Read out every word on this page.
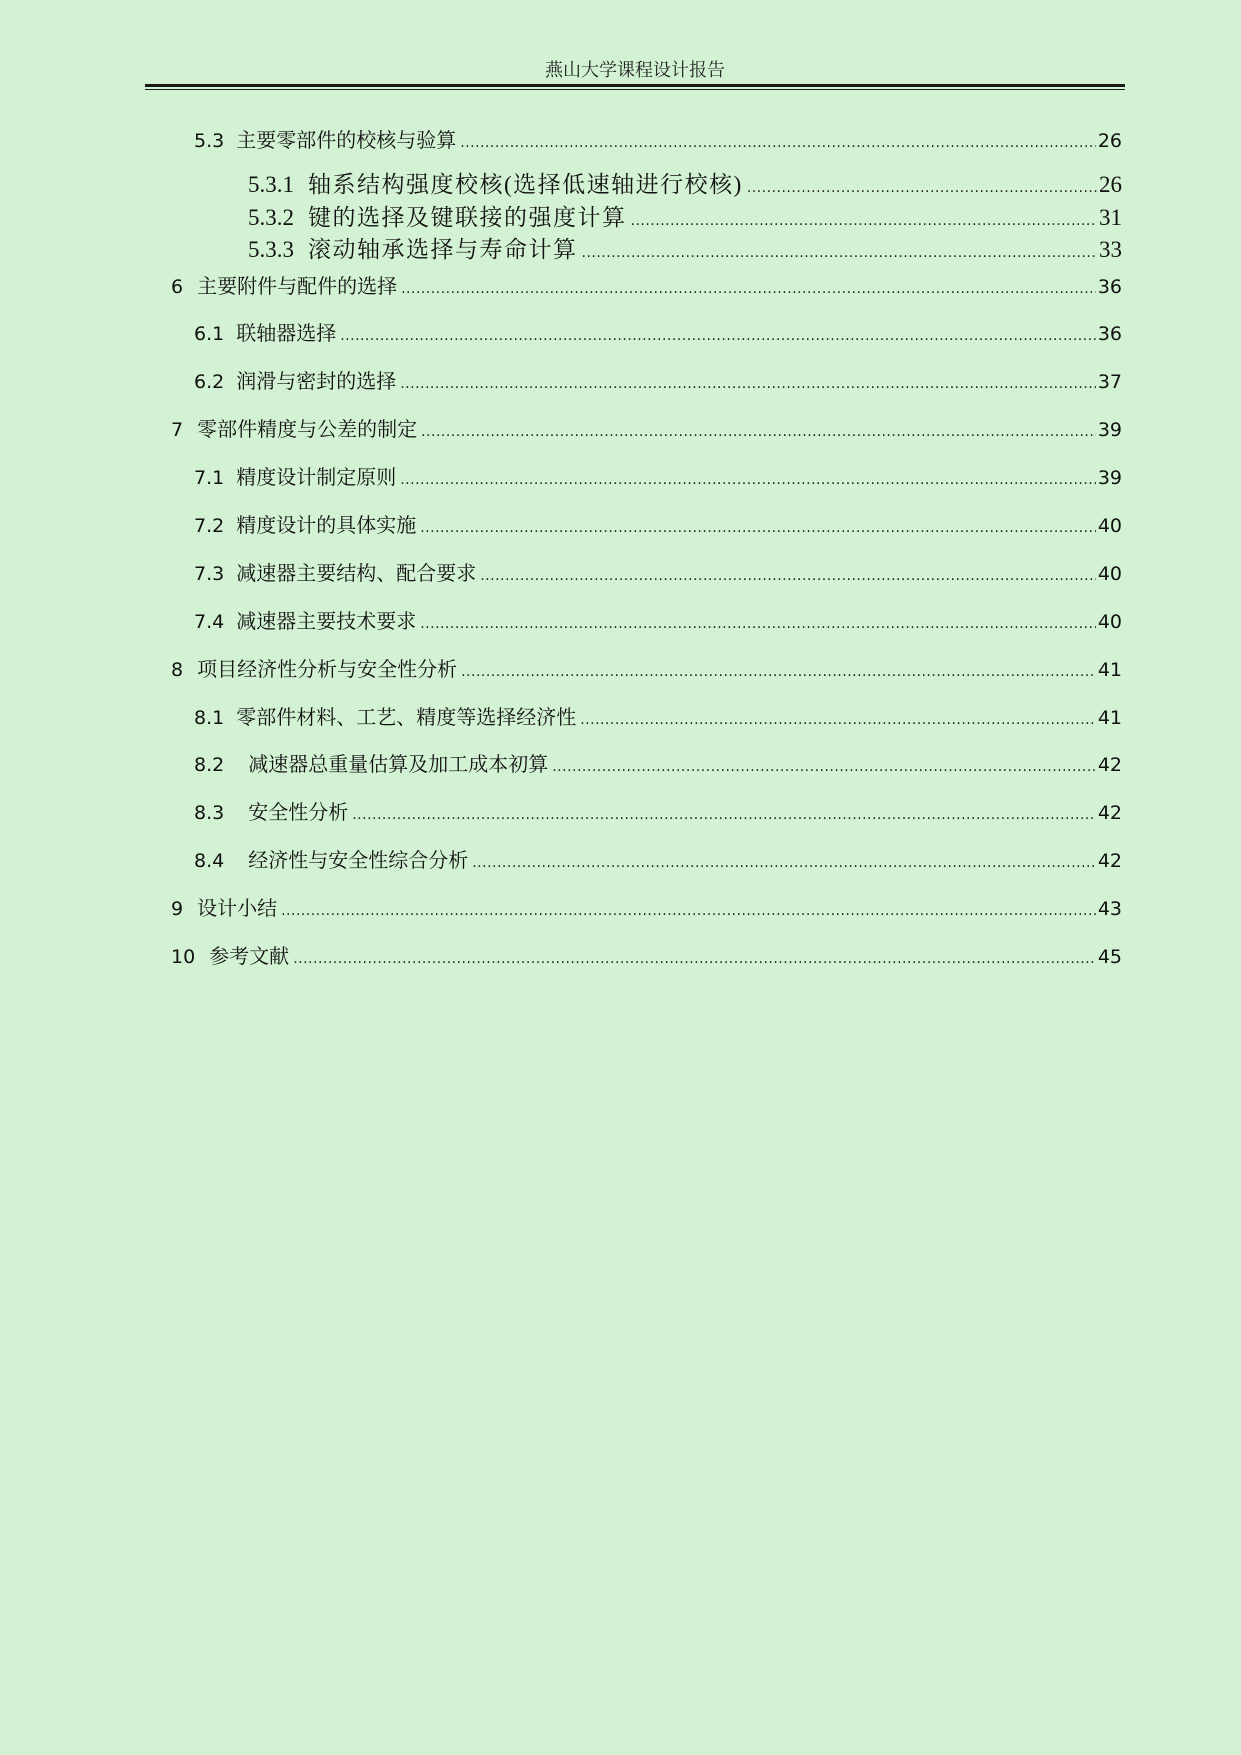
燕山大学课程设计报告
5.3 主要零部件的校核与验算 .....	26
5.3.1 轴系结构强度校核(选择低速轴进行校核) .....	26
5.3.2 键的选择及键联接的强度计算 .....	31
5.3.3 滚动轴承选择与寿命计算 .....	33
6 主要附件与配件的选择 .....	36
6.1 联轴器选择 .....	36
6.2 润滑与密封的选择 .....	37
7 零部件精度与公差的制定 .....	39
7.1 精度设计制定原则 .....	39
7.2 精度设计的具体实施 .....	40
7.3 减速器主要结构、配合要求 .....	40
7.4 减速器主要技术要求 .....	40
8 项目经济性分析与安全性分析 .....	41
8.1 零部件材料、工艺、精度等选择经济性 .....	41
8.2 减速器总重量估算及加工成本初算 .....	42
8.3 安全性分析 .....	42
8.4 经济性与安全性综合分析 .....	42
9 设计小结 .....	43
10 参考文献 .....	45
